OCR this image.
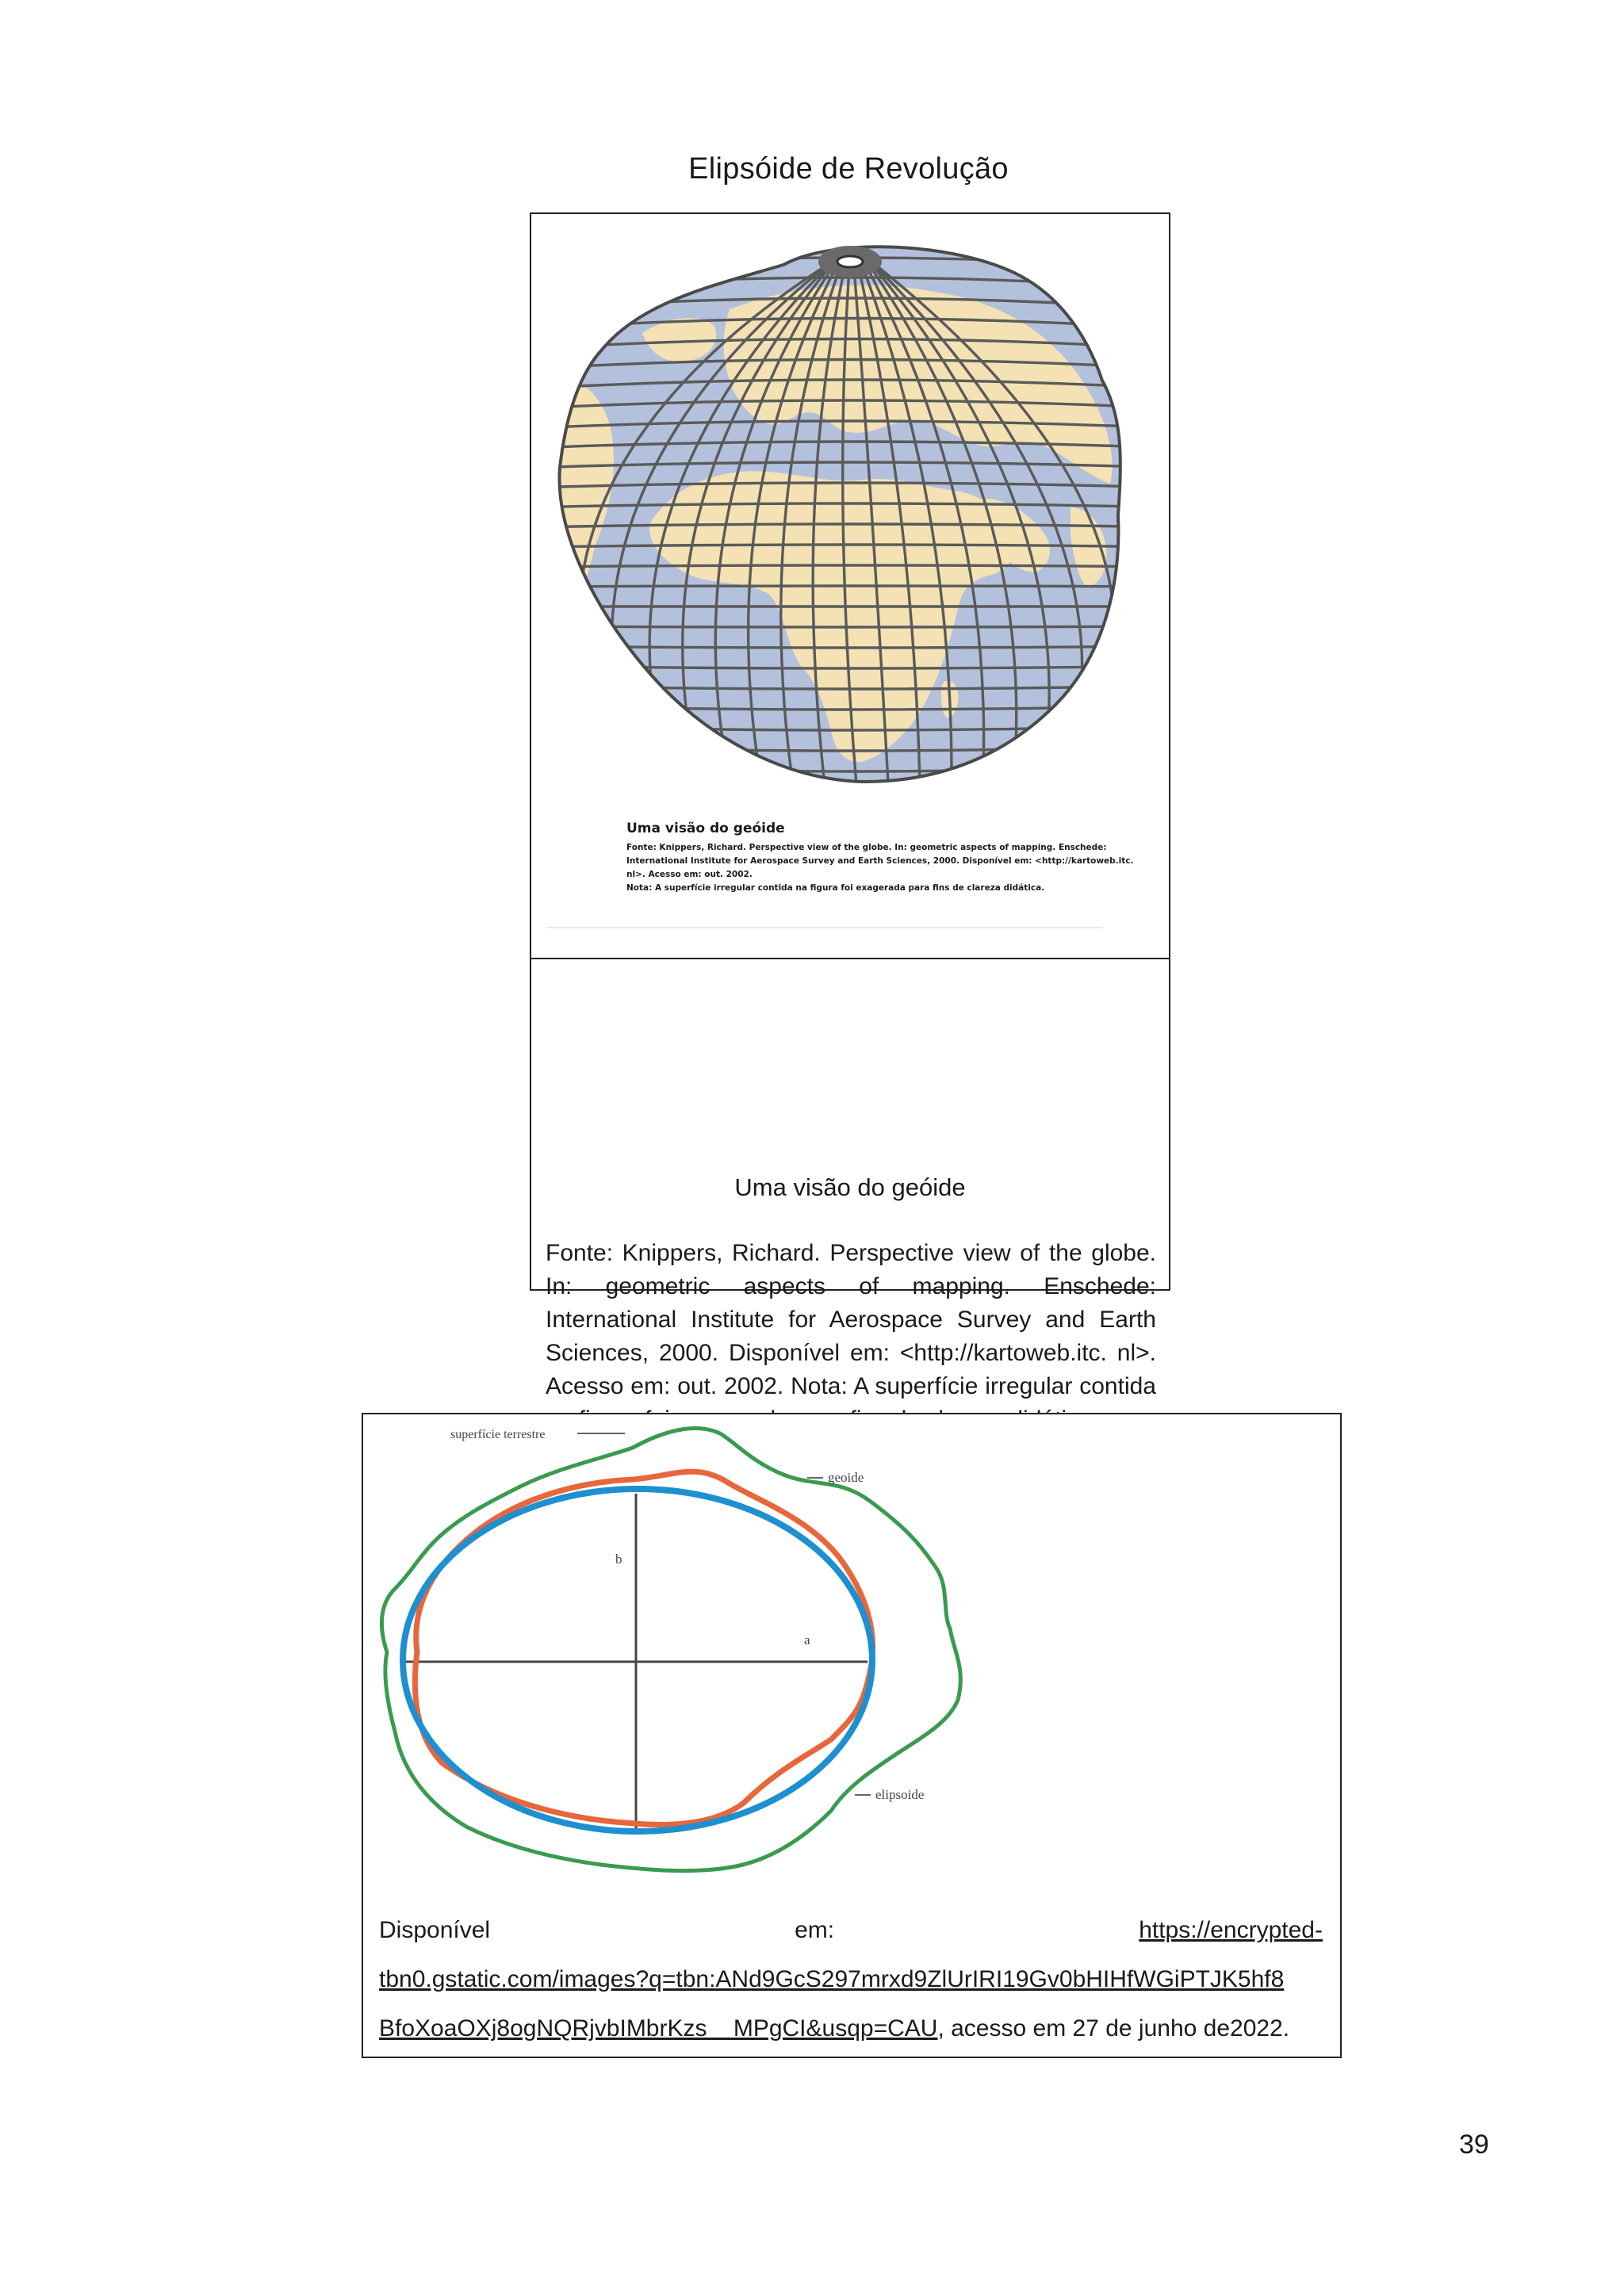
Elipsóide de Revolução
Uma visão do geóide
Fonte: Knippers, Richard. Perspective view of the globe. In: geometric aspects of mapping. Enschede:
International Institute for Aerospace Survey and Earth Sciences, 2000. Disponível em: <http://kartoweb.itc.
nl>. Acesso em: out. 2002.
Nota: A superfície irregular contida na figura foi exagerada para fins de clareza didática.
Uma visão do geóide
Fonte: Knippers, Richard. Perspective view of the globe. In: geometric aspects of mapping. Enschede: International Institute for Aerospace Survey and Earth Sciences, 2000. Disponível em: <http://kartoweb.itc. nl>. Acesso em: out. 2002. Nota: A superfície irregular contida
superfície terrestre
geoide
elipsoide
b
a
Disponível	em:	https://encrypted-
tbn0.gstatic.com/images?q=tbn:ANd9GcS297mrxd9ZlUrIRI19Gv0bHIHfWGiPTJK5hf8
BfoXoaOXj8ogNQRjvbIMbrKzs    MPgCI&usqp=CAU, acesso em 27 de junho de2022.
39
